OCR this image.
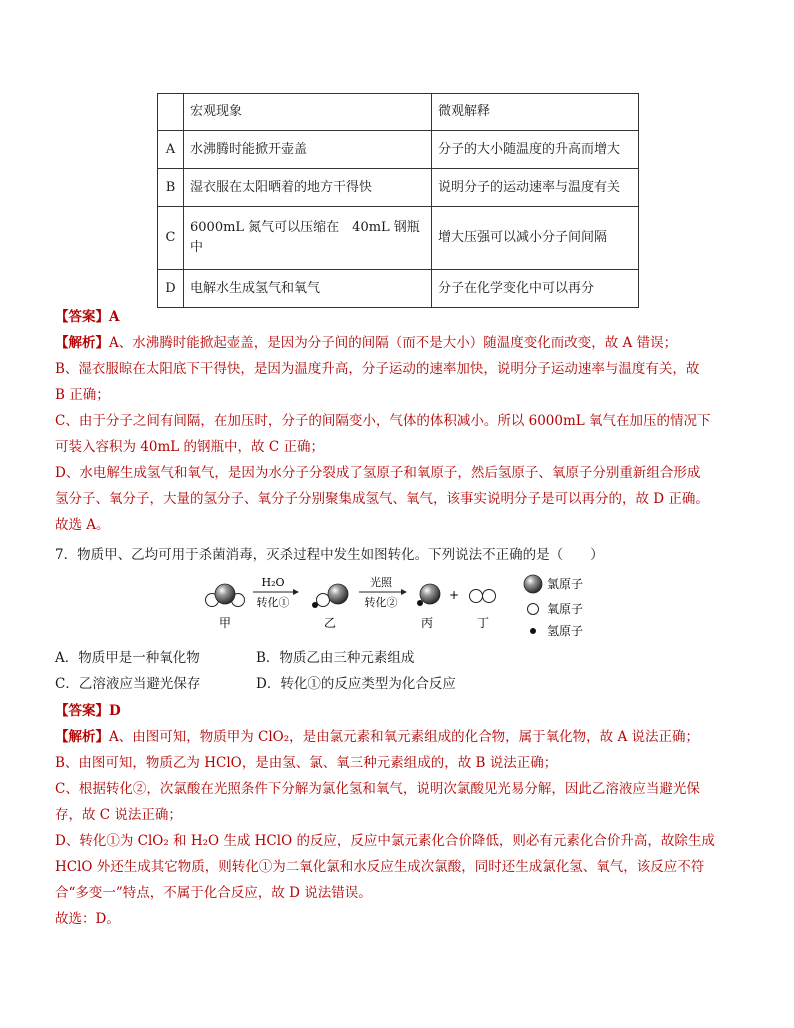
	宏观现象	微观解释
A	水沸腾时能掀开壶盖	分子的大小随温度的升高而增大
B	湿衣服在太阳晒着的地方干得快	说明分子的运动速率与温度有关
C	6000mL 氮气可以压缩在　40mL 钢瓶中	增大压强可以减小分子间间隔
D	电解水生成氢气和氧气	分子在化学变化中可以再分
【答案】A
【解析】A、水沸腾时能掀起壶盖，是因为分子间的间隔（而不是大小）随温度变化而改变，故 A 错误；
B、湿衣服晾在太阳底下干得快，是因为温度升高，分子运动的速率加快，说明分子运动速率与温度有关，故
B 正确；
C、由于分子之间有间隔，在加压时，分子的间隔变小，气体的体积减小。所以 6000mL 氧气在加压的情况下
可装入容积为 40mL 的钢瓶中，故 C 正确；
D、水电解生成氢气和氧气，是因为水分子分裂成了氢原子和氧原子，然后氢原子、氧原子分别重新组合形成
氢分子、氧分子，大量的氢分子、氧分子分别聚集成氢气、氧气，该事实说明分子是可以再分的，故 D 正确。
故选 A。
7．物质甲、乙均可用于杀菌消毒，灭杀过程中发生如图转化。下列说法不正确的是（　　）
甲
H₂O
转化①
乙
光照
转化②
丙
+
丁
氯原子
氧原子
氢原子
A．物质甲是一种氧化物	B．物质乙由三种元素组成
C．乙溶液应当避光保存	D．转化①的反应类型为化合反应
【答案】D
【解析】A、由图可知，物质甲为 ClO₂，是由氯元素和氧元素组成的化合物，属于氧化物，故 A 说法正确；
B、由图可知，物质乙为 HClO，是由氢、氯、氧三种元素组成的，故 B 说法正确；
C、根据转化②，次氯酸在光照条件下分解为氯化氢和氧气，说明次氯酸见光易分解，因此乙溶液应当避光保
存，故 C 说法正确；
D、转化①为 ClO₂ 和 H₂O 生成 HClO 的反应，反应中氯元素化合价降低，则必有元素化合价升高，故除生成
HClO 外还生成其它物质，则转化①为二氧化氯和水反应生成次氯酸，同时还生成氯化氢、氧气，该反应不符
合“多变一”特点，不属于化合反应，故 D 说法错误。
故选：D。
